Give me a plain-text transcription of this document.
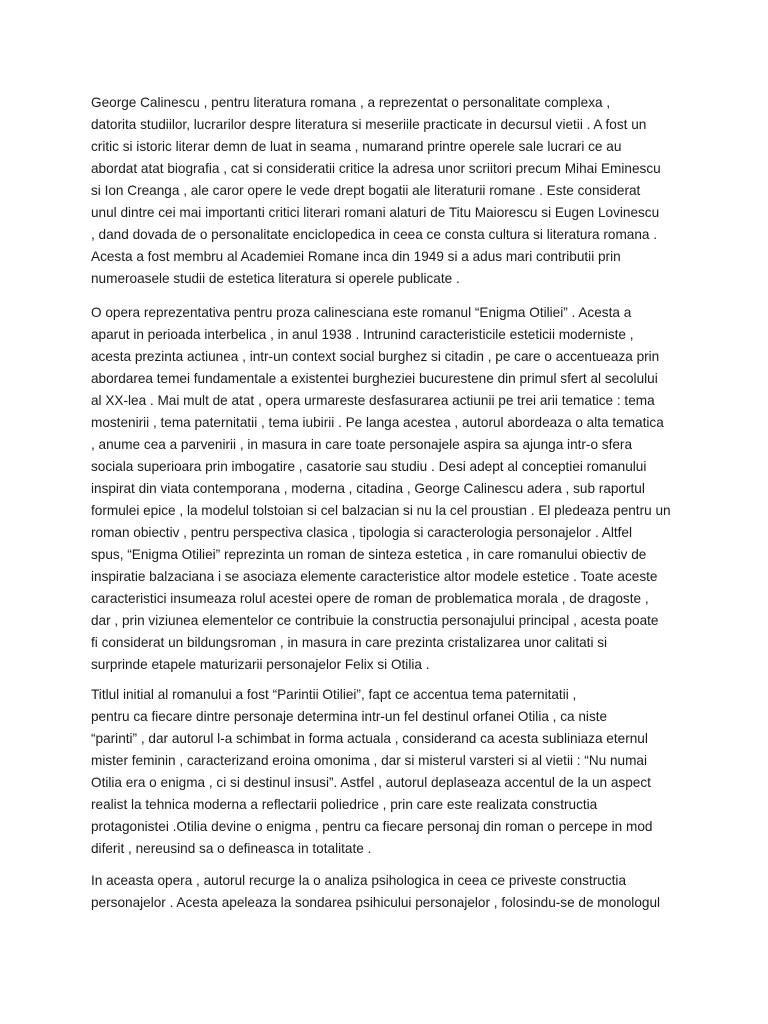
George Calinescu , pentru literatura romana , a reprezentat o personalitate complexa ,
datorita studiilor, lucrarilor despre literatura si meseriile practicate in decursul vietii . A fost un
critic si istoric literar demn de luat in seama , numarand printre operele sale lucrari ce au
abordat atat biografia , cat si consideratii critice la adresa unor scriitori precum Mihai Eminescu
si Ion Creanga , ale caror opere le vede drept bogatii ale literaturii romane . Este considerat
unul dintre cei mai importanti critici literari romani alaturi de Titu Maiorescu si Eugen Lovinescu
, dand dovada de o personalitate enciclopedica in ceea ce consta cultura si literatura romana .
Acesta a fost membru al Academiei Romane inca din 1949 si a adus mari contributii prin
numeroasele studii de estetica literatura si operele publicate .
O opera reprezentativa pentru proza calinesciana este romanul “Enigma Otiliei” . Acesta a
aparut in perioada interbelica , in anul 1938 . Intrunind caracteristicile esteticii moderniste ,
acesta prezinta actiunea , intr-un context social burghez si citadin , pe care o accentueaza prin
abordarea temei fundamentale a existentei burgheziei bucurestene din primul sfert al secolului
al XX-lea . Mai mult de atat , opera urmareste desfasurarea actiunii pe trei arii tematice : tema
mostenirii , tema paternitatii , tema iubirii . Pe langa acestea , autorul abordeaza o alta tematica
, anume cea a parvenirii , in masura in care toate personajele aspira sa ajunga intr-o sfera
sociala superioara prin imbogatire , casatorie sau studiu . Desi adept al conceptiei romanului
inspirat din viata contemporana , moderna , citadina , George Calinescu adera , sub raportul
formulei epice , la modelul tolstoian si cel balzacian si nu la cel proustian . El pledeaza pentru un
roman obiectiv , pentru perspectiva clasica , tipologia si caracterologia personajelor . Altfel
spus, “Enigma Otiliei” reprezinta un roman de sinteza estetica , in care romanului obiectiv de
inspiratie balzaciana i se asociaza elemente caracteristice altor modele estetice . Toate aceste
caracteristici insumeaza rolul acestei opere de roman de problematica morala , de dragoste ,
dar , prin viziunea elementelor ce contribuie la constructia personajului principal , acesta poate
fi considerat un bildungsroman , in masura in care prezinta cristalizarea unor calitati si
surprinde etapele maturizarii personajelor Felix si Otilia .
Titlul initial al romanului a fost “Parintii Otiliei”, fapt ce accentua tema paternitatii ,
pentru ca fiecare dintre personaje determina intr-un fel destinul orfanei Otilia , ca niste
“parinti” , dar autorul l-a schimbat in forma actuala , considerand ca acesta subliniaza eternul
mister feminin , caracterizand eroina omonima , dar si misterul varsteri si al vietii : “Nu numai
Otilia era o enigma , ci si destinul insusi”. Astfel , autorul deplaseaza accentul de la un aspect
realist la tehnica moderna a reflectarii poliedrice , prin care este realizata constructia
protagonistei .Otilia devine o enigma , pentru ca fiecare personaj din roman o percepe in mod
diferit , nereusind sa o defineasca in totalitate .
In aceasta opera , autorul recurge la o analiza psihologica in ceea ce priveste constructia
personajelor . Acesta apeleaza la sondarea psihicului personajelor , folosindu-se de monologul
